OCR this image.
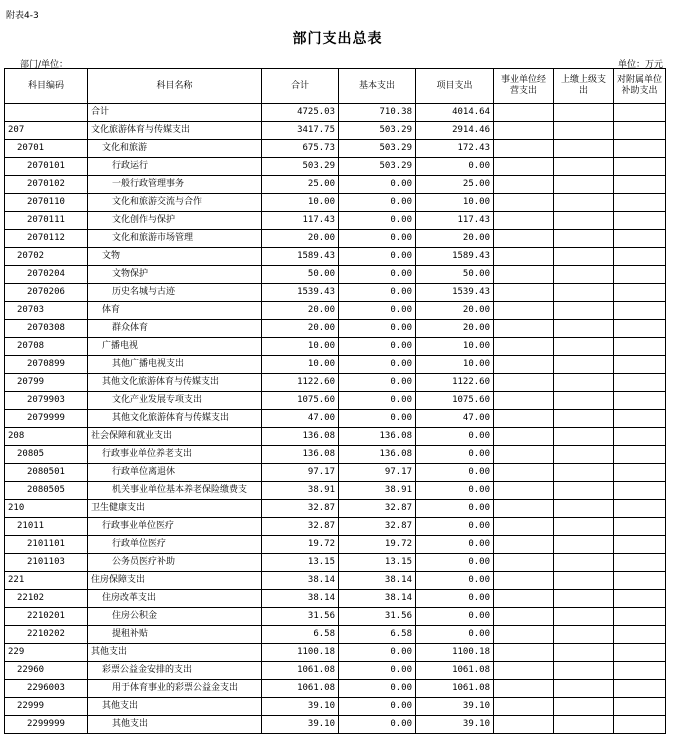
附表4-3
部门支出总表
部门/单位：	单位：万元
科目编码	科目名称	合计	基本支出	项目支出	事业单位经营支出	上缴上级支出	对附属单位补助支出
	合计	4725.03	710.38	4014.64			
207	文化旅游体育与传媒支出	3417.75	503.29	2914.46			
20701	文化和旅游	675.73	503.29	172.43			
2070101	行政运行	503.29	503.29	0.00			
2070102	一般行政管理事务	25.00	0.00	25.00			
2070110	文化和旅游交流与合作	10.00	0.00	10.00			
2070111	文化创作与保护	117.43	0.00	117.43			
2070112	文化和旅游市场管理	20.00	0.00	20.00			
20702	文物	1589.43	0.00	1589.43			
2070204	文物保护	50.00	0.00	50.00			
2070206	历史名城与古迹	1539.43	0.00	1539.43			
20703	体育	20.00	0.00	20.00			
2070308	群众体育	20.00	0.00	20.00			
20708	广播电视	10.00	0.00	10.00			
2070899	其他广播电视支出	10.00	0.00	10.00			
20799	其他文化旅游体育与传媒支出	1122.60	0.00	1122.60			
2079903	文化产业发展专项支出	1075.60	0.00	1075.60			
2079999	其他文化旅游体育与传媒支出	47.00	0.00	47.00			
208	社会保障和就业支出	136.08	136.08	0.00			
20805	行政事业单位养老支出	136.08	136.08	0.00			
2080501	行政单位离退休	97.17	97.17	0.00			
2080505	机关事业单位基本养老保险缴费支	38.91	38.91	0.00			
210	卫生健康支出	32.87	32.87	0.00			
21011	行政事业单位医疗	32.87	32.87	0.00			
2101101	行政单位医疗	19.72	19.72	0.00			
2101103	公务员医疗补助	13.15	13.15	0.00			
221	住房保障支出	38.14	38.14	0.00			
22102	住房改革支出	38.14	38.14	0.00			
2210201	住房公积金	31.56	31.56	0.00			
2210202	提租补贴	6.58	6.58	0.00			
229	其他支出	1100.18	0.00	1100.18			
22960	彩票公益金安排的支出	1061.08	0.00	1061.08			
2296003	用于体育事业的彩票公益金支出	1061.08	0.00	1061.08			
22999	其他支出	39.10	0.00	39.10			
2299999	其他支出	39.10	0.00	39.10			
